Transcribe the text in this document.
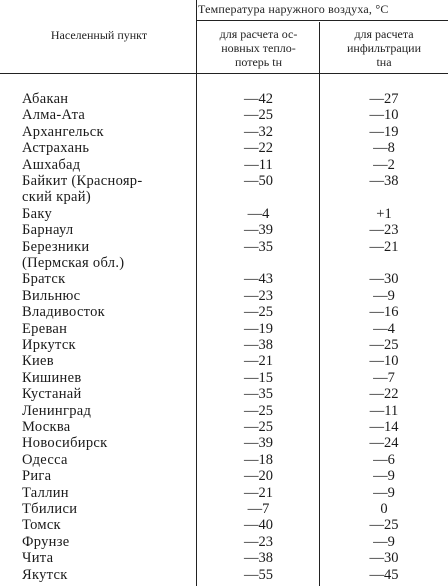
Температура наружного воздуха, °С
Населенный пункт	для расчета ос-
новных тепло-
потерь tн
для расчета
инфильтрации
tна
Абакан	—42	—27
Алма-Ата	—25	—10
Архангельск	—32	—19
Астрахань	—22	—8
Ашхабад	—11	—2
Байкит (Краснояр-	—50	—38
ский край)
Баку	—4	+1
Барнаул	—39	—23
Березники	—35	—21
(Пермская обл.)
Братск	—43	—30
Вильнюс	—23	—9
Владивосток	—25	—16
Ереван	—19	—4
Иркутск	—38	—25
Киев	—21	—10
Кишинев	—15	—7
Кустанай	—35	—22
Ленинград	—25	—11
Москва	—25	—14
Новосибирск	—39	—24
Одесса	—18	—6
Рига	—20	—9
Таллин	—21	—9
Тбилиси	—7	0
Томск	—40	—25
Фрунзе	—23	—9
Чита	—38	—30
Якутск	—55	—45
